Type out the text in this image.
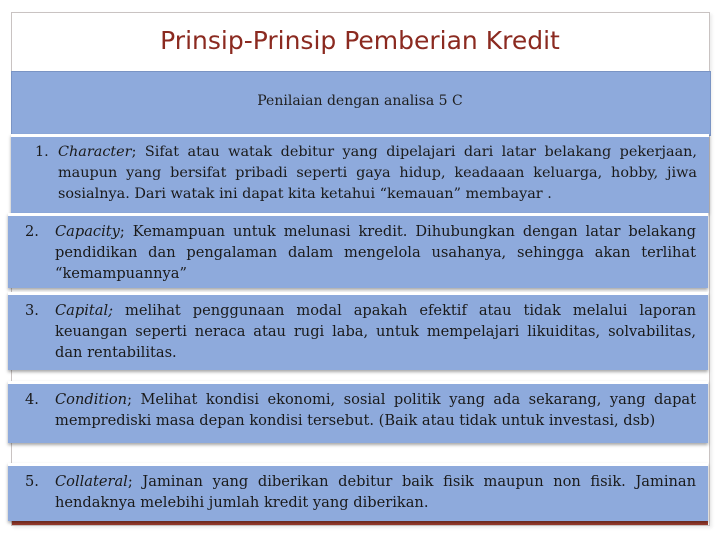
Prinsip-Prinsip Pemberian Kredit
Penilaian dengan analisa 5 C
1. Character; Sifat atau watak debitur yang dipelajari dari latar belakang pekerjaan, maupun yang bersifat pribadi seperti gaya hidup, keadaaan keluarga, hobby, jiwa sosialnya. Dari watak ini dapat kita ketahui “kemauan” membayar .
2. Capacity; Kemampuan untuk melunasi kredit. Dihubungkan dengan latar belakang pendidikan dan pengalaman dalam mengelola usahanya, sehingga akan terlihat “kemampuannya”
3. Capital; melihat penggunaan modal apakah efektif atau tidak melalui laporan keuangan seperti neraca atau rugi laba, untuk mempelajari likuiditas, solvabilitas, dan rentabilitas.
4. Condition; Melihat kondisi ekonomi, sosial politik yang ada sekarang, yang dapat memprediski masa depan kondisi tersebut. (Baik atau tidak untuk investasi, dsb)
5. Collateral; Jaminan yang diberikan debitur baik fisik maupun non fisik. Jaminan hendaknya melebihi jumlah kredit yang diberikan.
